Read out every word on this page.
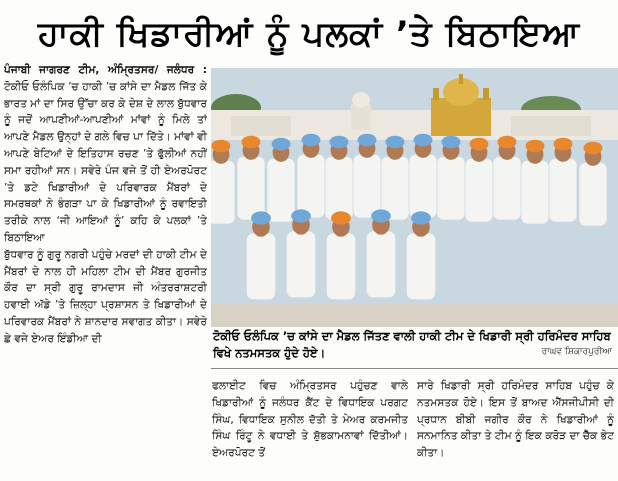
ਹਾਕੀ ਖਿਡਾਰੀਆਂ ਨੂੰ ਪਲਕਾਂ ’ਤੇ ਬਿਠਾਇਆ

ਪੰਜਾਬੀ ਜਾਗਰਣ ਟੀਮ, ਅੰਮ੍ਰਿਤਸਰ/ ਜਲੰਧਰ : ਟੋਕੀਓ ਓਲੰਪਿਕ ’ਚ ਹਾਕੀ ’ਚ ਕਾਂਸੇ ਦਾ ਮੈਡਲ ਜਿੱਤ ਕੇ ਭਾਰਤ ਮਾਂ ਦਾ ਸਿਰ ਉੱਚਾ ਕਰ ਕੇ ਦੇਸ਼ ਦੇ ਲਾਲ ਬੁੱਧਵਾਰ ਨੂੰ ਜਦੋਂ ਆਪਣੀਆਂ-ਆਪਣੀਆਂ ਮਾਂਵਾਂ ਨੂੰ ਮਿਲੇ ਤਾਂ ਆਪਣੇ ਮੈਡਲ ਉਨ੍ਹਾਂ ਦੇ ਗਲੇ ਵਿਚ ਪਾ ਦਿੱਤੇ। ਮਾਂਵਾਂ ਵੀ ਆਪਣੇ ਬੇਟਿਆਂ ਦੇ ਇਤਿਹਾਸ ਰਚਣ ’ਤੇ ਫੁੱਲੀਆਂ ਨਹੀਂ ਸਮਾ ਰਹੀਆਂ ਸਨ। ਸਵੇਰੇ ਪੰਜ ਵਜੇ ਤੋਂ ਹੀ ਏਅਰਪੋਰਟ ’ਤੇ ਡਟੇ ਖਿਡਾਰੀਆਂ ਦੇ ਪਰਿਵਾਰਕ ਮੈਂਬਰਾਂ ਦੇ ਸਮਰਥਕਾਂ ਨੇ ਭੰਗੜਾ ਪਾ ਕੇ ਖਿਡਾਰੀਆਂ ਨੂੰ ਰਵਾਇਤੀ ਤਰੀਕੇ ਨਾਲ ‘ਜੀ ਆਇਆਂ ਨੂੰ’ ਕਹਿ ਕੇ ਪਲਕਾਂ ’ਤੇ ਬਿਠਾਇਆ

ਬੁੱਧਵਾਰ ਨੂੰ ਗੁਰੂ ਨਗਰੀ ਪਹੁੰਚੇ ਮਰਦਾਂ ਦੀ ਹਾਕੀ ਟੀਮ ਦੇ ਮੈਂਬਰਾਂ ਦੇ ਨਾਲ ਹੀ ਮਹਿਲਾ ਟੀਮ ਦੀ ਮੈਂਬਰ ਗੁਰਜੀਤ ਕੌਰ ਦਾ ਸ੍ਰੀ ਗੁਰੂ ਰਾਮਦਾਸ ਜੀ ਅੰਤਰਰਾਸ਼ਟਰੀ ਹਵਾਈ ਅੱਡੇ ’ਤੇ ਜ਼ਿਲ੍ਹਾ ਪ੍ਰਸ਼ਾਸਨ ਤੇ ਖਿਡਾਰੀਆਂ ਦੇ ਪਰਿਵਾਰਕ ਮੈਂਬਰਾਂ ਨੇ ਸ਼ਾਨਦਾਰ ਸਵਾਗਤ ਕੀਤਾ। ਸਵੇਰੇ ਛੇ ਵਜੇ ਏਅਰ ਇੰਡੀਆ ਦੀ	ਟੋਕੀਓ ਓਲੰਪਿਕ ’ਚ ਕਾਂਸੇ ਦਾ ਮੈਡਲ ਜਿੱਤਣ ਵਾਲੀ ਹਾਕੀ ਟੀਮ ਦੇ ਖਿਡਾਰੀ ਸ੍ਰੀ ਹਰਿਮੰਦਰ ਸਾਹਿਬ ਵਿਖੇ ਨਤਮਸਤਕ ਹੁੰਦੇ ਹੋਏ।	ਰਾਘਵ ਸ਼ਿਕਾਰਪੁਰੀਆ

ਫਲਾਈਟ ਵਿਚ ਅੰਮ੍ਰਿਤਸਰ ਪਹੁੰਚਣ ਵਾਲੇ ਖਿਡਾਰੀਆਂ ਨੂੰ ਜਲੰਧਰ ਕੈਂਟ ਦੇ ਵਿਧਾਇਕ ਪਰਗਟ ਸਿੰਘ, ਵਿਧਾਇਕ ਸੁਨੀਲ ਦੱਤੀ ਤੇ ਮੇਅਰ ਕਰਮਜੀਤ ਸਿੰਘ ਰਿੰਟੂ ਨੇ ਵਧਾਈ ਤੇ ਸ਼ੁੱਭਕਾਮਨਾਵਾਂ ਦਿੱਤੀਆਂ। ਏਅਰਪੋਰਟ ਤੋਂ

ਸਾਰੇ ਖਿਡਾਰੀ ਸ੍ਰੀ ਹਰਿਮੰਦਰ ਸਾਹਿਬ ਪਹੁੰਚ ਕੇ ਨਤਮਸਤਕ ਹੋਏ। ਇਸ ਤੋਂ ਬਾਅਦ ਐੱਸਜੀਪੀਸੀ ਦੀ ਪ੍ਰਧਾਨ ਬੀਬੀ ਜਗੀਰ ਕੌਰ ਨੇ ਖਿਡਾਰੀਆਂ ਨੂੰ ਸਨਮਾਨਿਤ ਕੀਤਾ ਤੇ ਟੀਮ ਨੂੰ ਇਕ ਕਰੋੜ ਦਾ ਚੈੱਕ ਭੇਟ ਕੀਤਾ।
